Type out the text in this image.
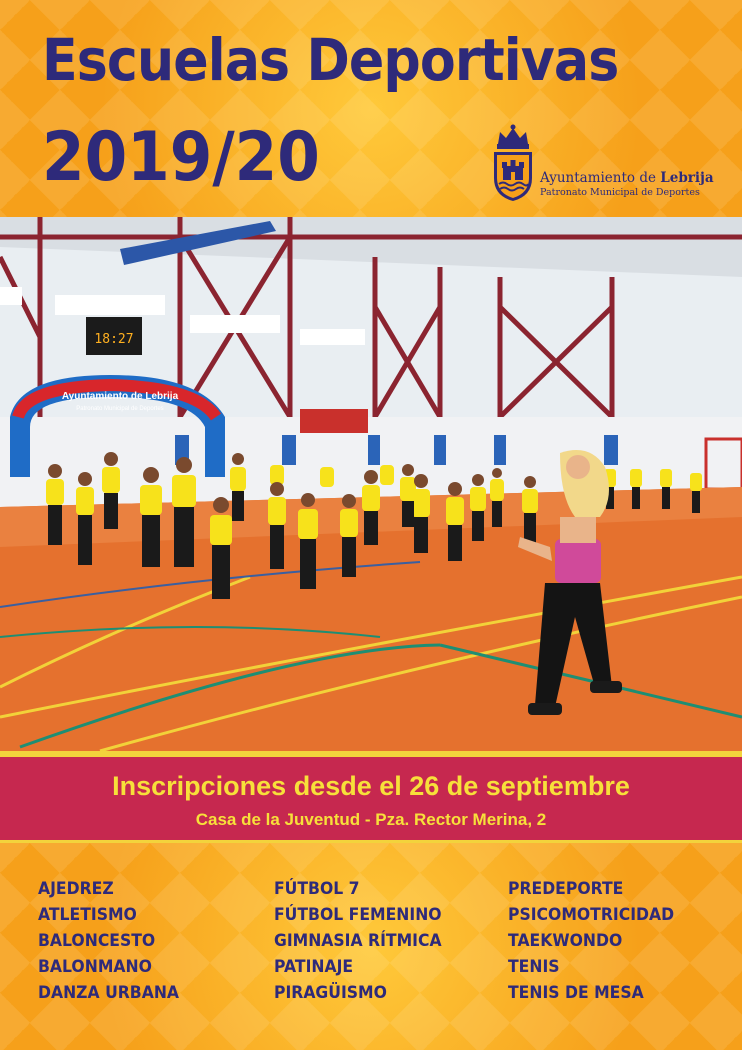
Escuelas Deportivas
2019/20	Ayuntamiento de Lebrija
Patronato Municipal de Deportes
18:27
Ayuntamiento de Lebrija
Patronato Municipal de Deportes
Inscripciones desde el 26 de septiembre
Casa de la Juventud - Pza. Rector Merina, 2
AJEDREZ
ATLETISMO
BALONCESTO
BALONMANO
DANZA URBANA
FÚTBOL 7
FÚTBOL FEMENINO
GIMNASIA RÍTMICA
PATINAJE
PIRAGÜISMO
PREDEPORTE
PSICOMOTRICIDAD
TAEKWONDO
TENIS
TENIS DE MESA
